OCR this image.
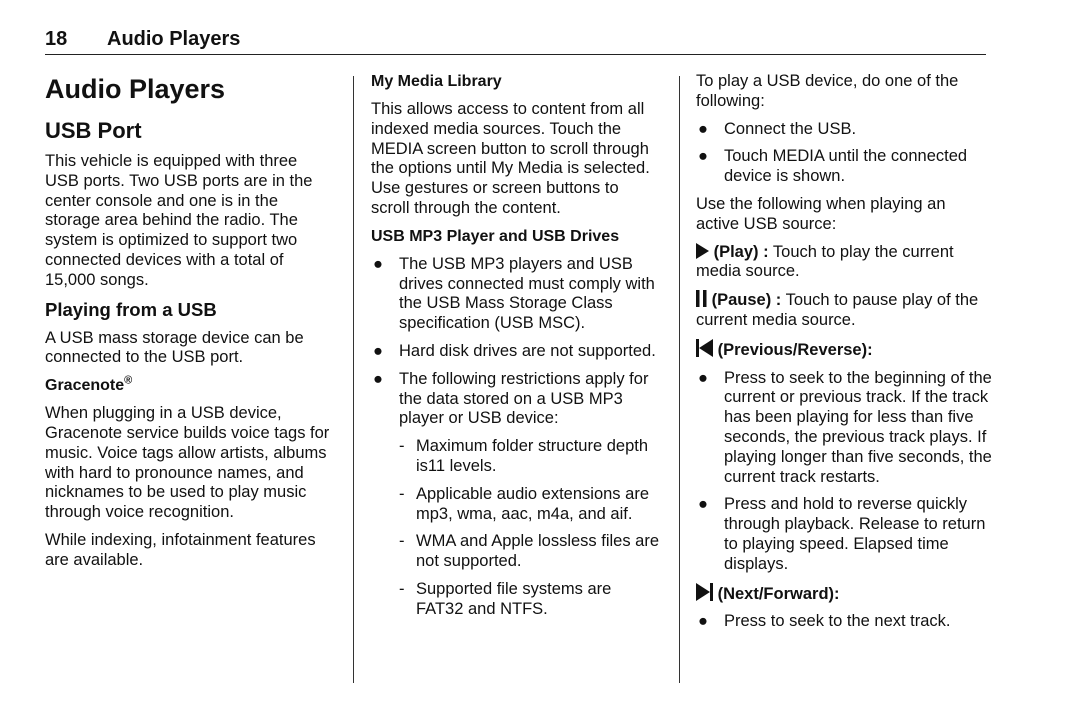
18 Audio Players
Audio Players
USB Port

This vehicle is equipped with three USB ports. Two USB ports are in the center console and one is in the storage area behind the radio. The system is optimized to support two connected devices with a total of 15,000 songs.

Playing from a USB

A USB mass storage device can be connected to the USB port.

Gracenote®

When plugging in a USB device, Gracenote service builds voice tags for music. Voice tags allow artists, albums with hard to pronounce names, and nicknames to be used to play music through voice recognition.

While indexing, infotainment features are available.

My Media Library

This allows access to content from all indexed media sources. Touch the MEDIA screen button to scroll through the options until My Media is selected. Use gestures or screen buttons to scroll through the content.

USB MP3 Player and USB Drives
● The USB MP3 players and USB drives connected must comply with the USB Mass Storage Class specification (USB MSC).
● Hard disk drives are not supported.
● The following restrictions apply for the data stored on a USB MP3 player or USB device:
- Maximum folder structure depth is11 levels.
- Applicable audio extensions are mp3, wma, aac, m4a, and aif.
- WMA and Apple lossless files are not supported.
- Supported file systems are FAT32 and NTFS.

To play a USB device, do one of the following:

● Connect the USB.
● Touch MEDIA until the connected device is shown.

Use the following when playing an active USB source:

(Play) : Touch to play the current media source.

(Pause) : Touch to pause play of the current media source.

(Previous/Reverse):

● Press to seek to the beginning of the current or previous track. If the track has been playing for less than five seconds, the previous track plays. If playing longer than five seconds, the current track restarts.
● Press and hold to reverse quickly through playback. Release to return to playing speed. Elapsed time displays.

(Next/Forward):

● Press to seek to the next track.
